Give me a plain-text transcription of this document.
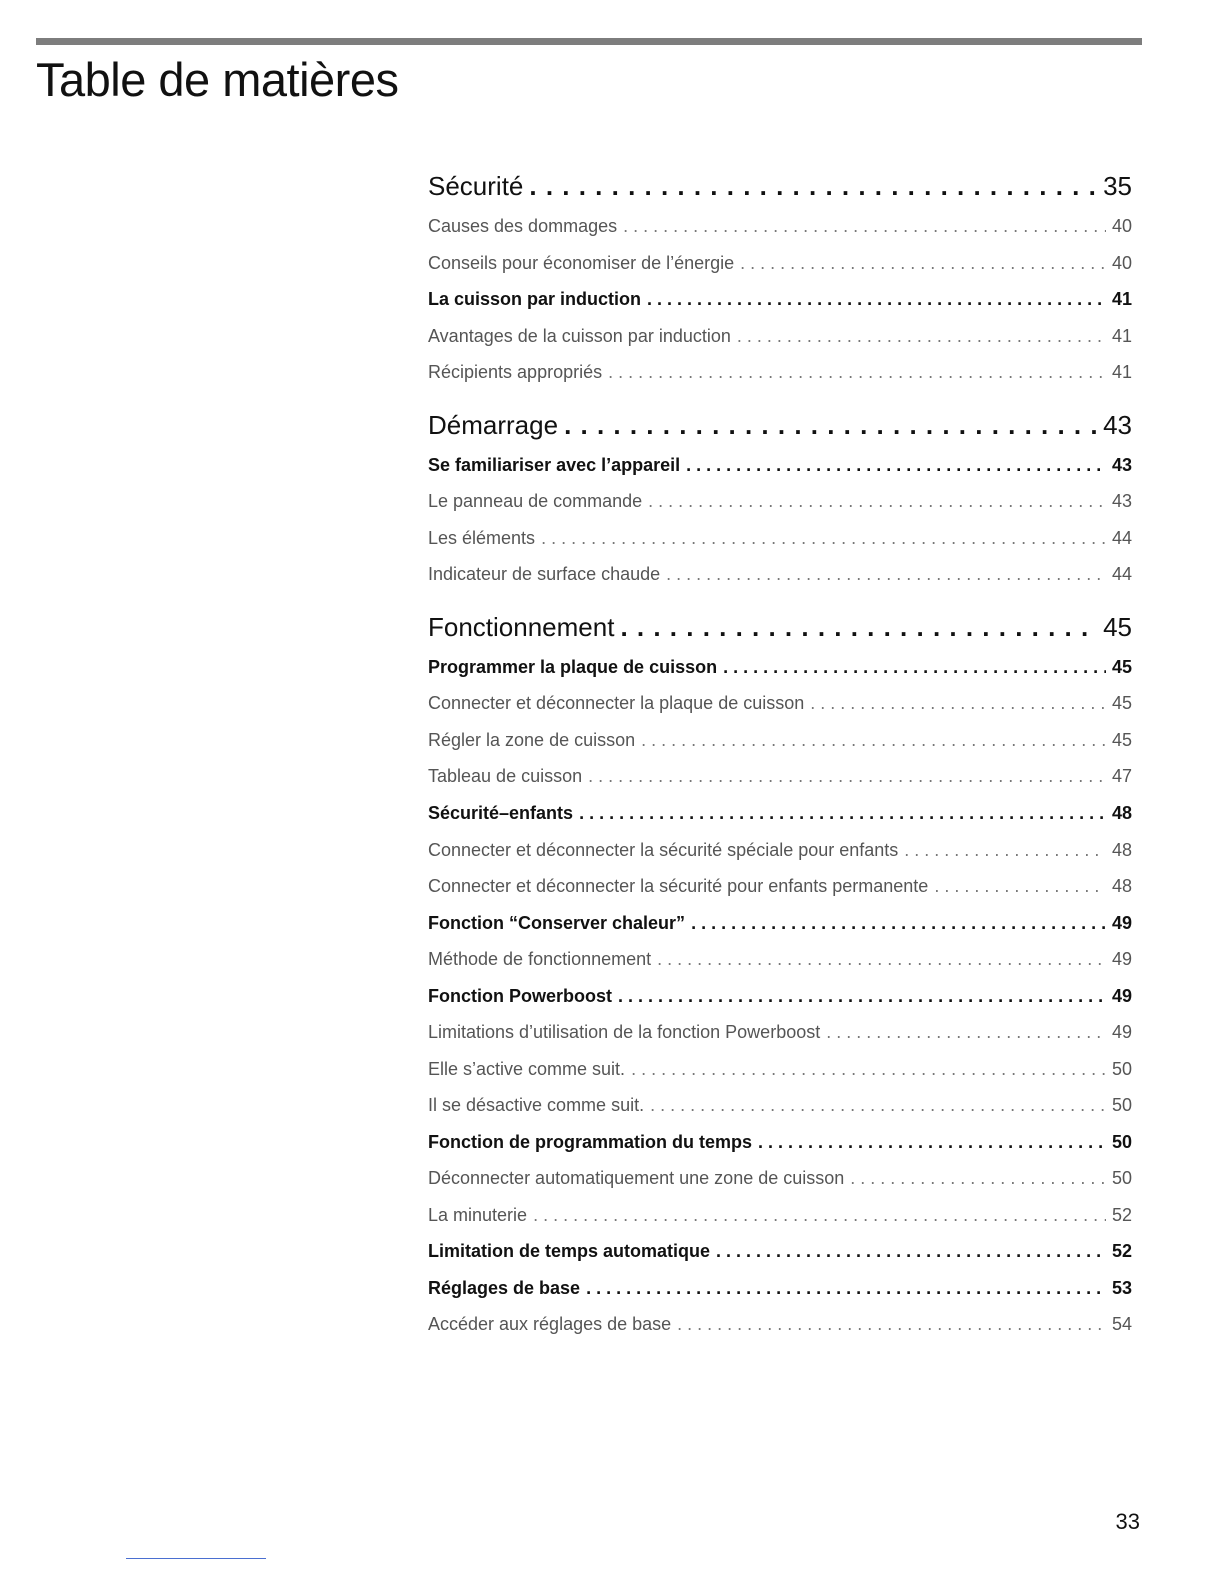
Table de matières
Sécurité . . .	35
Causes des dommages . . .	40
Conseils pour économiser de l’énergie . . .	40
La cuisson par induction . . .	41
Avantages de la cuisson par induction . . .	41
Récipients appropriés . . .	41
Démarrage . . .	43
Se familiariser avec l’appareil . . .	43
Le panneau de commande . . .	43
Les éléments . . .	44
Indicateur de surface chaude . . .	44
Fonctionnement . . .	45
Programmer la plaque de cuisson . . .	45
Connecter et déconnecter la plaque de cuisson . . .	45
Régler la zone de cuisson . . .	45
Tableau de cuisson . . .	47
Sécurité–enfants . . .	48
Connecter et déconnecter la sécurité spéciale pour enfants . . .	48
Connecter et déconnecter la sécurité pour enfants permanente . . .	48
Fonction “Conserver chaleur” . . .	49
Méthode de fonctionnement . . .	49
Fonction Powerboost . . .	49
Limitations d’utilisation de la fonction Powerboost . . .	49
Elle s’active comme suit. . . .	50
Il se désactive comme suit. . . .	50
Fonction de programmation du temps . . .	50
Déconnecter automatiquement une zone de cuisson . . .	50
La minuterie . . .	52
Limitation de temps automatique . . .	52
Réglages de base . . .	53
Accéder aux réglages de base . . .	54
33
